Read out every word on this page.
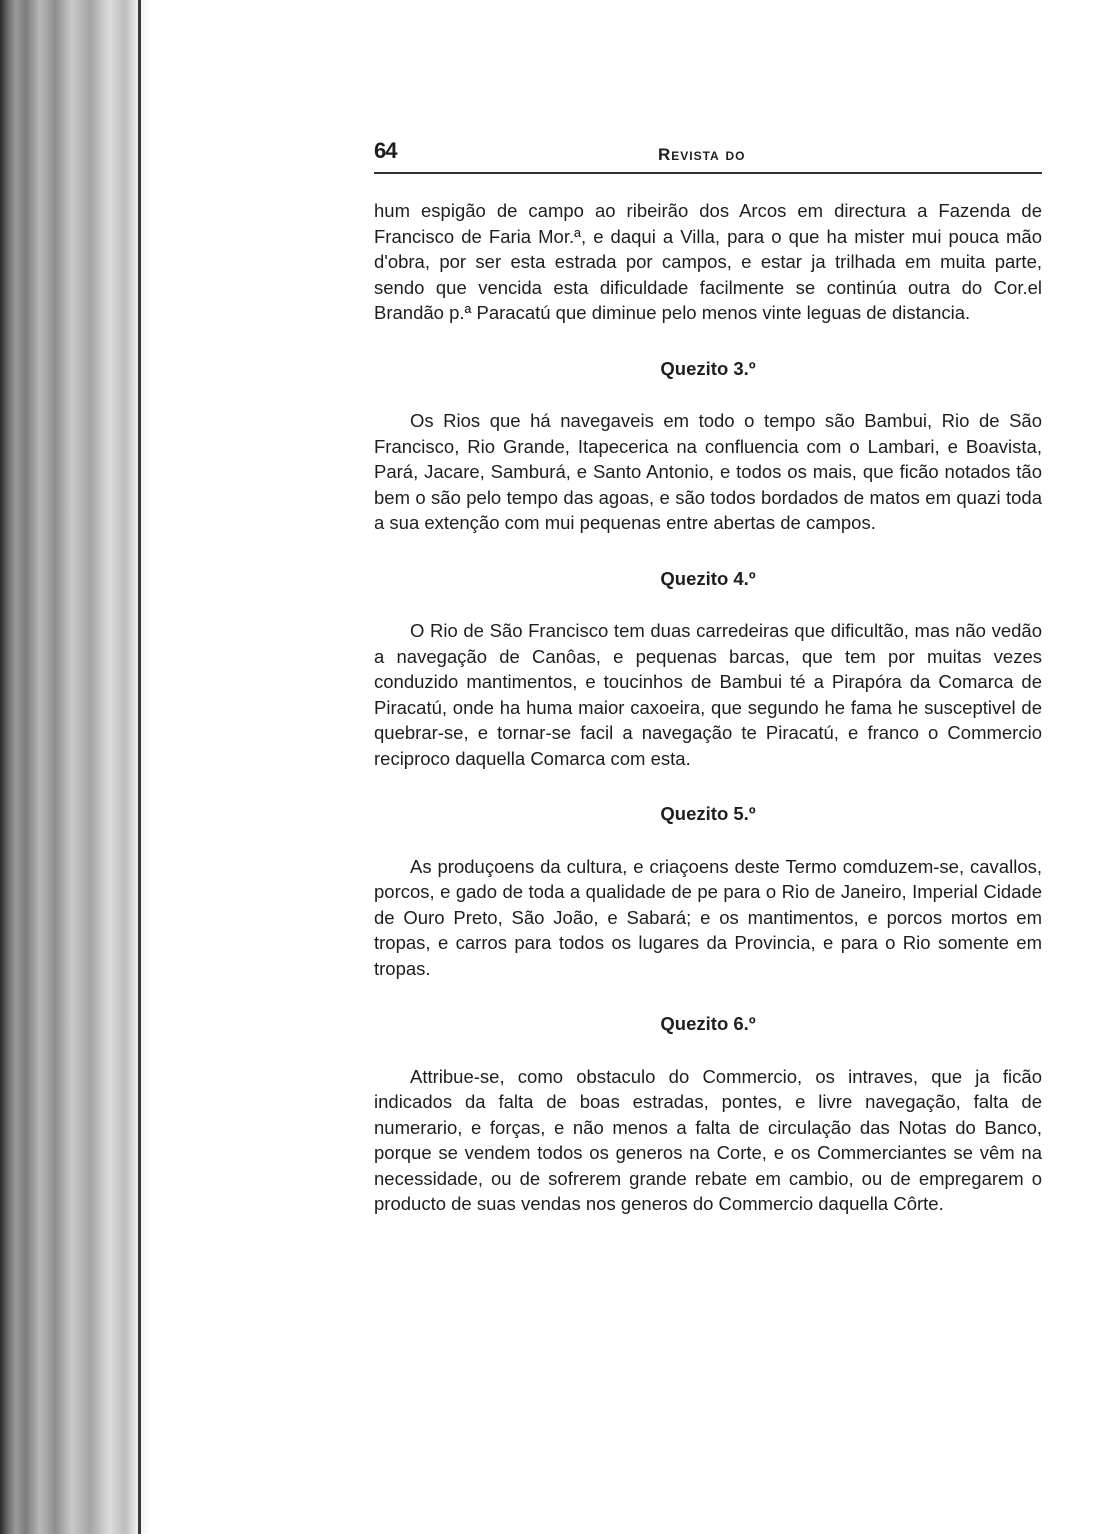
64	Revista do

hum espigão de campo ao ribeirão dos Arcos em directura a Fazenda de Francisco de Faria Mor.ª, e daqui a Villa, para o que ha mister mui pouca mão d'obra, por ser esta estrada por campos, e estar ja trilhada em muita parte, sendo que vencida esta dificuldade facilmente se continúa outra do Cor.el Brandão p.ª Paracatú que diminue pelo menos vinte leguas de distancia.

Quezito 3.º

Os Rios que há navegaveis em todo o tempo são Bambui, Rio de São Francisco, Rio Grande, Itapecerica na confluencia com o Lambari, e Boavista, Pará, Jacare, Samburá, e Santo Antonio, e todos os mais, que ficão notados tão bem o são pelo tempo das agoas, e são todos bordados de matos em quazi toda a sua extenção com mui pequenas entre abertas de campos.

Quezito 4.º

O Rio de São Francisco tem duas carredeiras que dificultão, mas não vedão a navegação de Canôas, e pequenas barcas, que tem por muitas vezes conduzido mantimentos, e toucinhos de Bambui té a Pirapóra da Comarca de Piracatú, onde ha huma maior caxoeira, que segundo he fama he susceptivel de quebrar-se, e tornar-se facil a navegação te Piracatú, e franco o Commercio reciproco daquella Comarca com esta.

Quezito 5.º

As produçoens da cultura, e criaçoens deste Termo comduzem-se, cavallos, porcos, e gado de toda a qualidade de pe para o Rio de Janeiro, Imperial Cidade de Ouro Preto, São João, e Sabará; e os mantimentos, e porcos mortos em tropas, e carros para todos os lugares da Provincia, e para o Rio somente em tropas.

Quezito 6.º

Attribue-se, como obstaculo do Commercio, os intraves, que ja ficão indicados da falta de boas estradas, pontes, e livre navegação, falta de numerario, e forças, e não menos a falta de circulação das Notas do Banco, porque se vendem todos os generos na Corte, e os Commerciantes se vêm na necessidade, ou de sofrerem grande rebate em cambio, ou de empregarem o producto de suas vendas nos generos do Commercio daquella Côrte.
